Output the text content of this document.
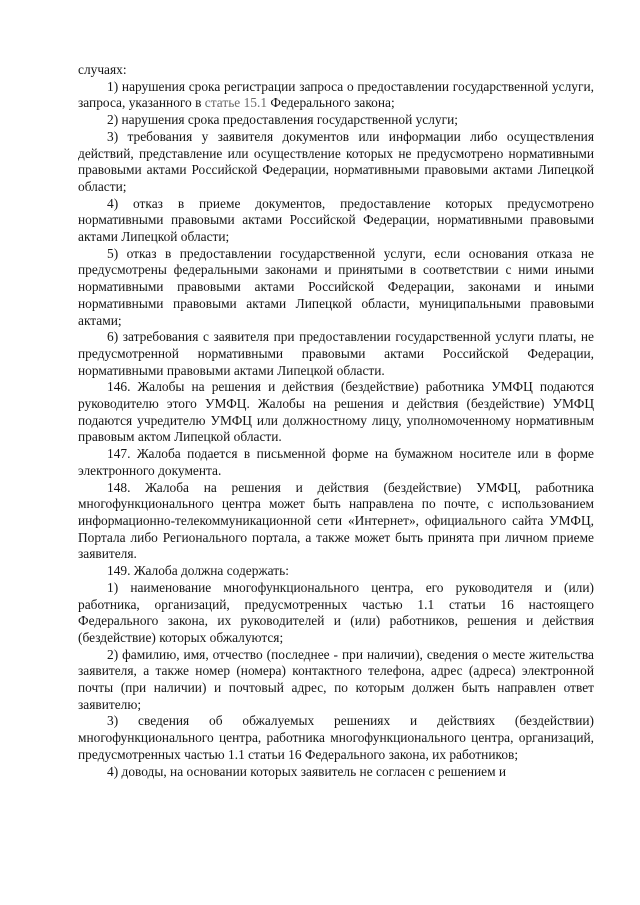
случаях:

1) нарушения срока регистрации запроса о предоставлении государственной услуги, запроса, указанного в статье 15.1 Федерального закона;

2) нарушения срока предоставления государственной услуги;

3) требования у заявителя документов или информации либо осуществления действий, представление или осуществление которых не предусмотрено нормативными правовыми актами Российской Федерации, нормативными правовыми актами Липецкой области;

4) отказ в приеме документов, предоставление которых предусмотрено нормативными правовыми актами Российской Федерации, нормативными правовыми актами Липецкой области;

5) отказ в предоставлении государственной услуги, если основания отказа не предусмотрены федеральными законами и принятыми в соответствии с ними иными нормативными правовыми актами Российской Федерации, законами и иными нормативными правовыми актами Липецкой области, муниципальными правовыми актами;

6) затребования с заявителя при предоставлении государственной услуги платы, не предусмотренной нормативными правовыми актами Российской Федерации, нормативными правовыми актами Липецкой области.

146. Жалобы на решения и действия (бездействие) работника УМФЦ подаются руководителю этого УМФЦ. Жалобы на решения и действия (бездействие) УМФЦ подаются учредителю УМФЦ или должностному лицу, уполномоченному нормативным правовым актом Липецкой области.

147. Жалоба подается в письменной форме на бумажном носителе или в форме электронного документа.

148. Жалоба на решения и действия (бездействие) УМФЦ, работника многофункционального центра может быть направлена по почте, с использованием информационно-телекоммуникационной сети «Интернет», официального сайта УМФЦ, Портала либо Регионального портала, а также может быть принята при личном приеме заявителя.

149. Жалоба должна содержать:

1) наименование многофункционального центра, его руководителя и (или) работника, организаций, предусмотренных частью 1.1 статьи 16 настоящего Федерального закона, их руководителей и (или) работников, решения и действия (бездействие) которых обжалуются;

2) фамилию, имя, отчество (последнее - при наличии), сведения о месте жительства заявителя, а также номер (номера) контактного телефона, адрес (адреса) электронной почты (при наличии) и почтовый адрес, по которым должен быть направлен ответ заявителю;

3) сведения об обжалуемых решениях и действиях (бездействии) многофункционального центра, работника многофункционального центра, организаций, предусмотренных частью 1.1 статьи 16 Федерального закона, их работников;

4) доводы, на основании которых заявитель не согласен с решением и
